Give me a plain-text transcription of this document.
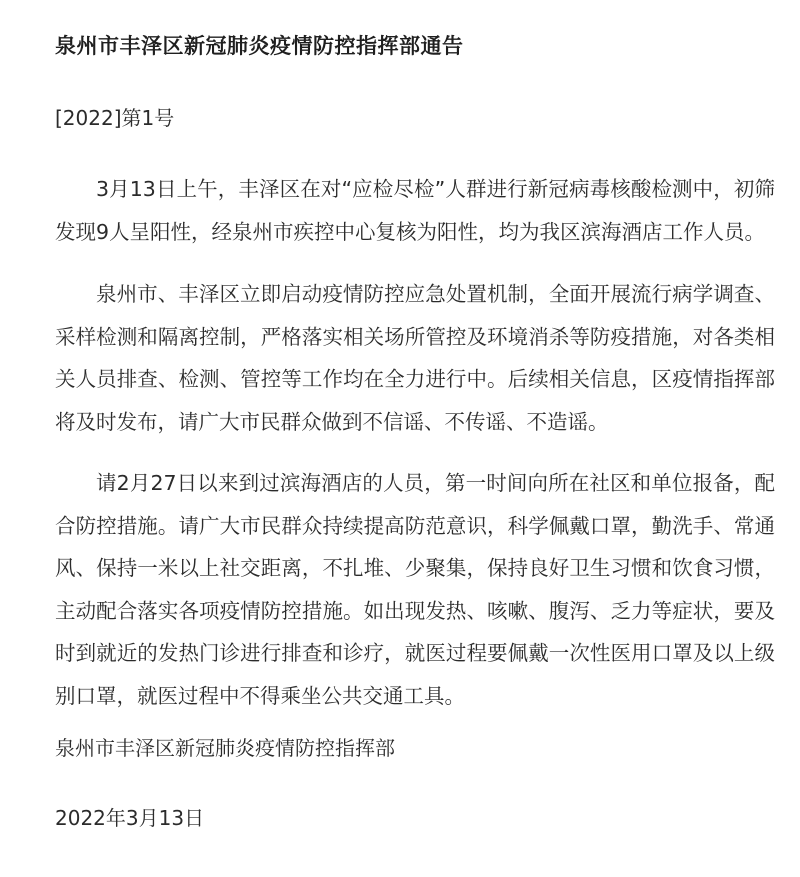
泉州市丰泽区新冠肺炎疫情防控指挥部通告
[2022]第1号

3月13日上午，丰泽区在对“应检尽检”人群进行新冠病毒核酸检测中，初筛发现9人呈阳性，经泉州市疾控中心复核为阳性，均为我区滨海酒店工作人员。

泉州市、丰泽区立即启动疫情防控应急处置机制，全面开展流行病学调查、采样检测和隔离控制，严格落实相关场所管控及环境消杀等防疫措施，对各类相关人员排查、检测、管控等工作均在全力进行中。后续相关信息，区疫情指挥部将及时发布，请广大市民群众做到不信谣、不传谣、不造谣。

请2月27日以来到过滨海酒店的人员，第一时间向所在社区和单位报备，配合防控措施。请广大市民群众持续提高防范意识，科学佩戴口罩，勤洗手、常通风、保持一米以上社交距离，不扎堆、少聚集，保持良好卫生习惯和饮食习惯，主动配合落实各项疫情防控措施。如出现发热、咳嗽、腹泻、乏力等症状，要及时到就近的发热门诊进行排查和诊疗，就医过程要佩戴一次性医用口罩及以上级别口罩，就医过程中不得乘坐公共交通工具。

泉州市丰泽区新冠肺炎疫情防控指挥部
2022年3月13日
